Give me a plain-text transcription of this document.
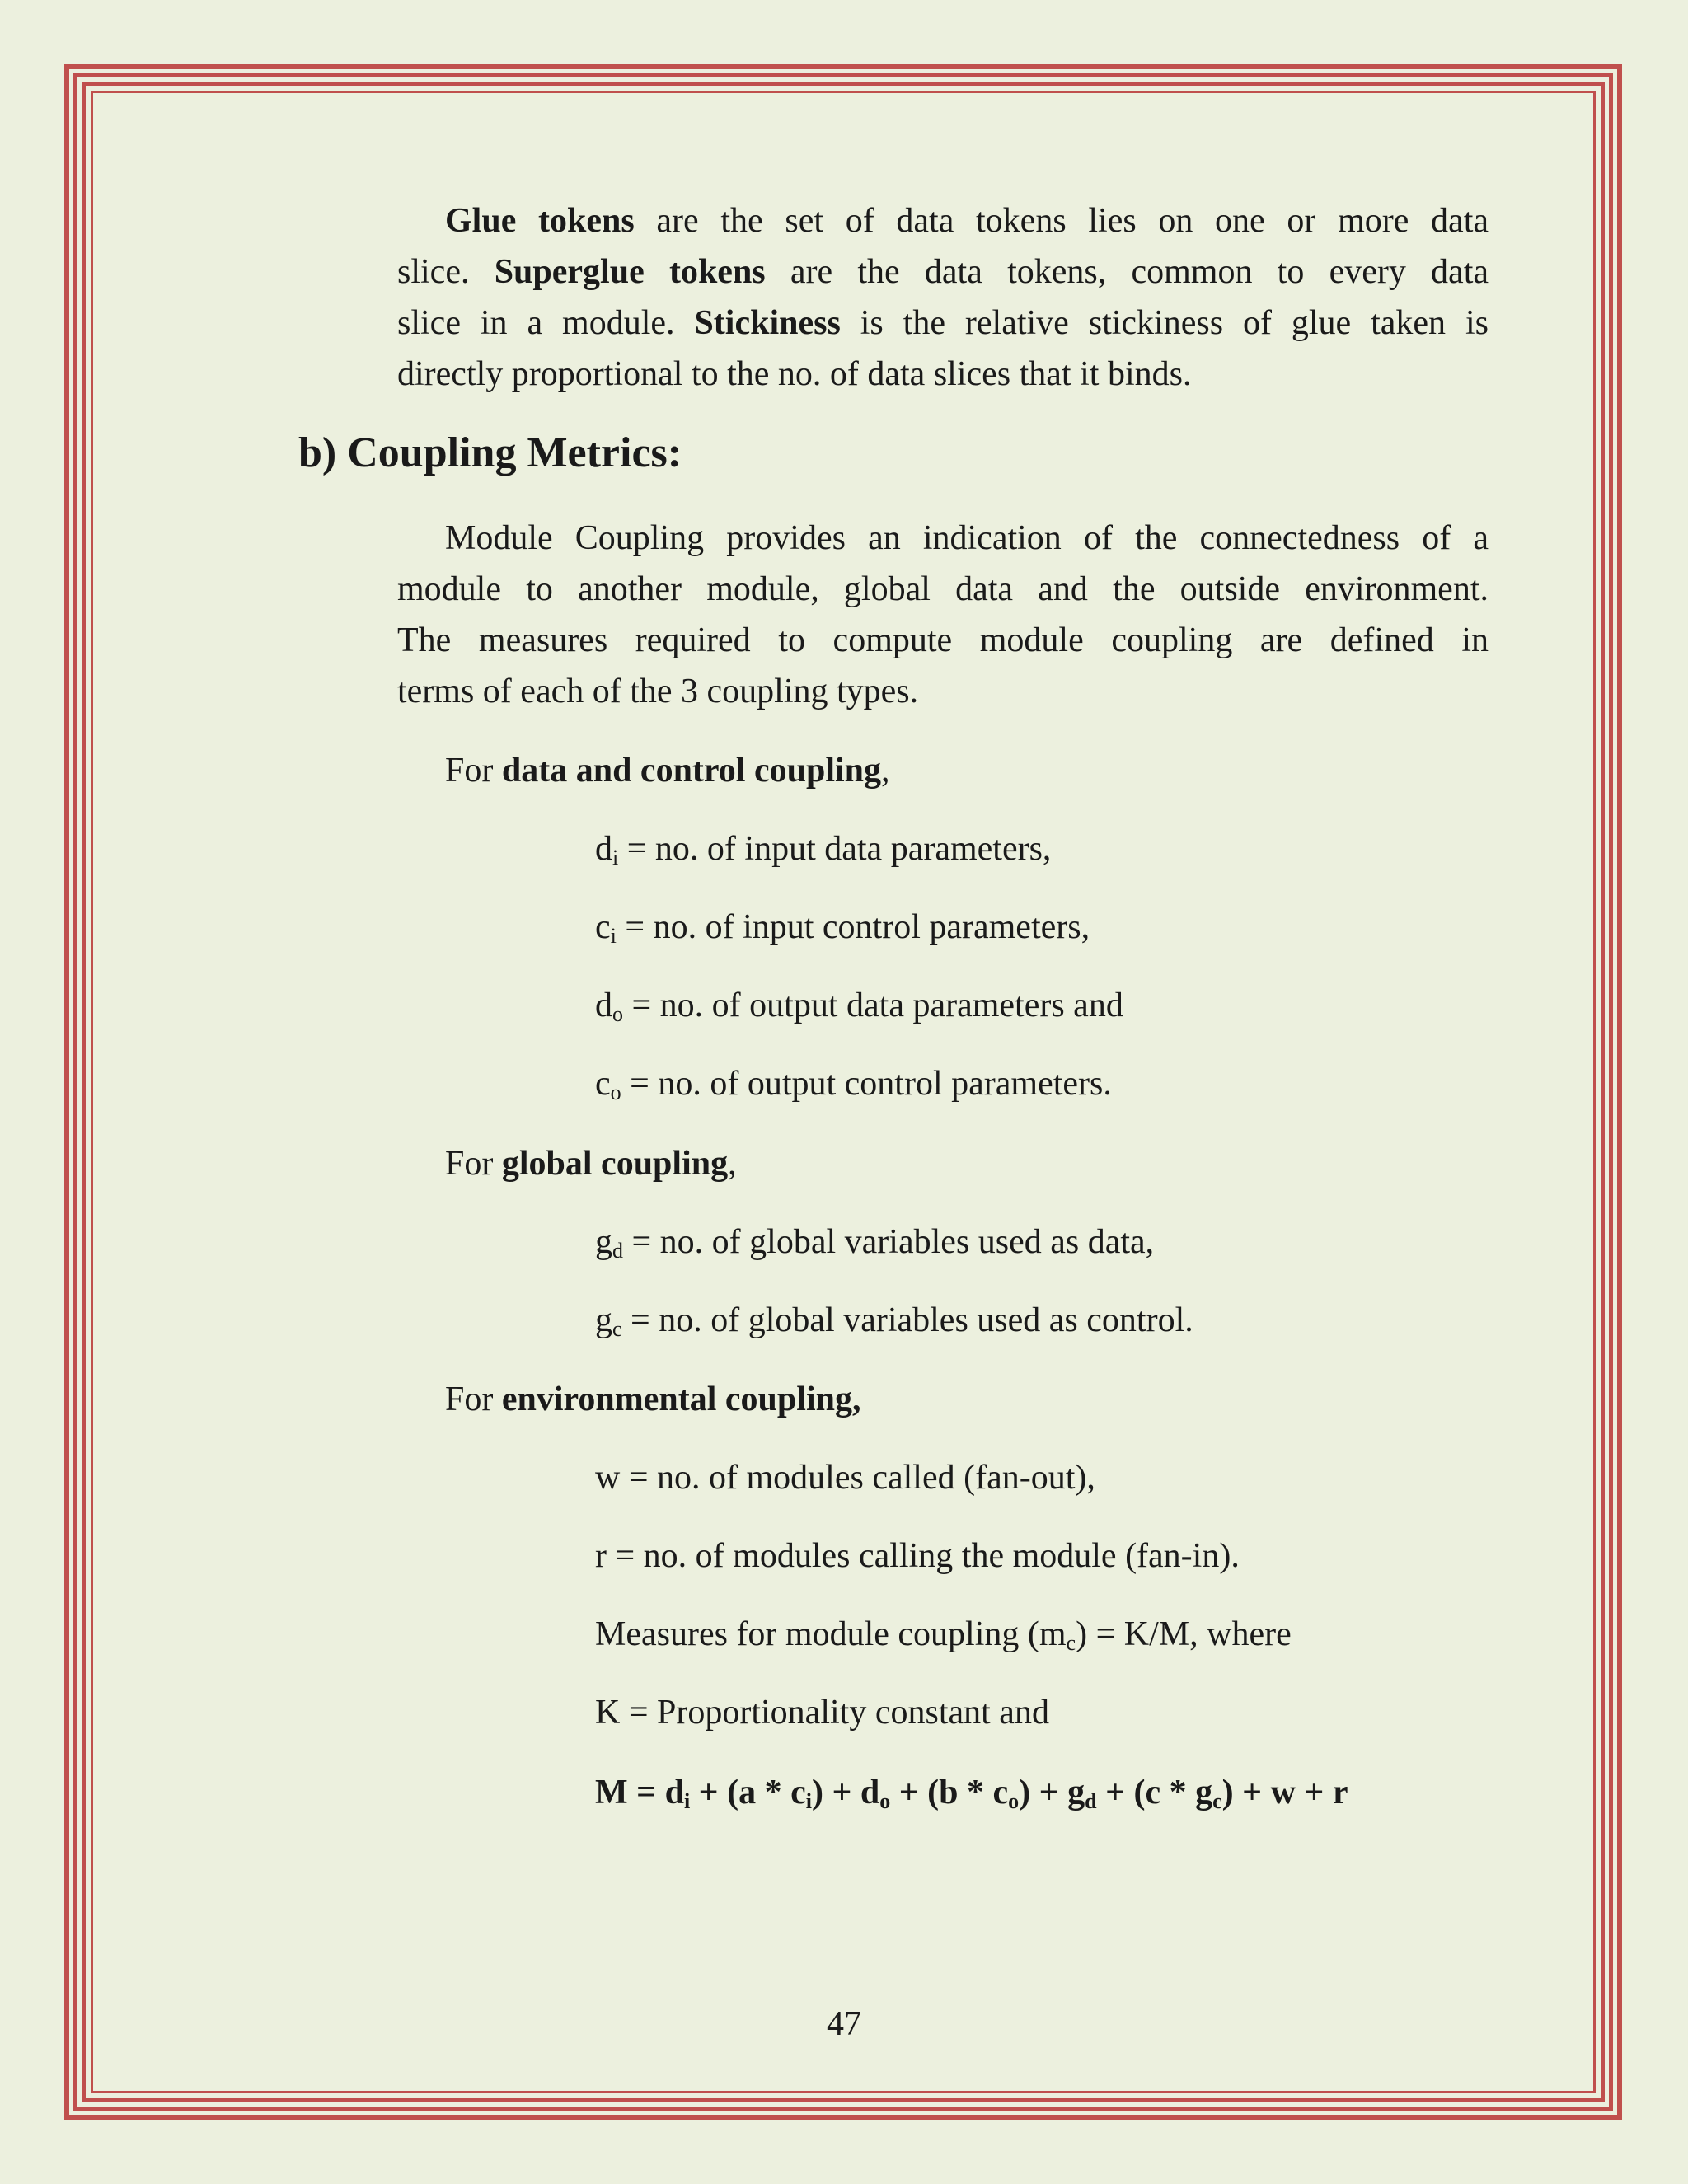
Glue tokens are the set of data tokens lies on one or more data
slice. Superglue tokens are the data tokens, common to every data
slice in a module. Stickiness is the relative stickiness of glue taken is
directly proportional to the no. of data slices that it binds.
b) Coupling Metrics:
Module Coupling provides an indication of the connectedness of a
module to another module, global data and the outside environment.
The measures required to compute module coupling are defined in
terms of each of the 3 coupling types.

For data and control coupling,

$d_i$ = no. of input data parameters,

$c_i$ = no. of input control parameters,

$d_o$ = no. of output data parameters and

$c_o$ = no. of output control parameters.

For global coupling,

$g_d$ = no. of global variables used as data,

$g_c$ = no. of global variables used as control.

For environmental coupling,

w = no. of modules called (fan-out),

r = no. of modules calling the module (fan-in).

Measures for module coupling $(m_c) = K/M$, where

K = Proportionality constant and

$M = d_i + (a * c_i) + d_o + (b * c_o) + g_d + (c * g_c) + w + r$

47
